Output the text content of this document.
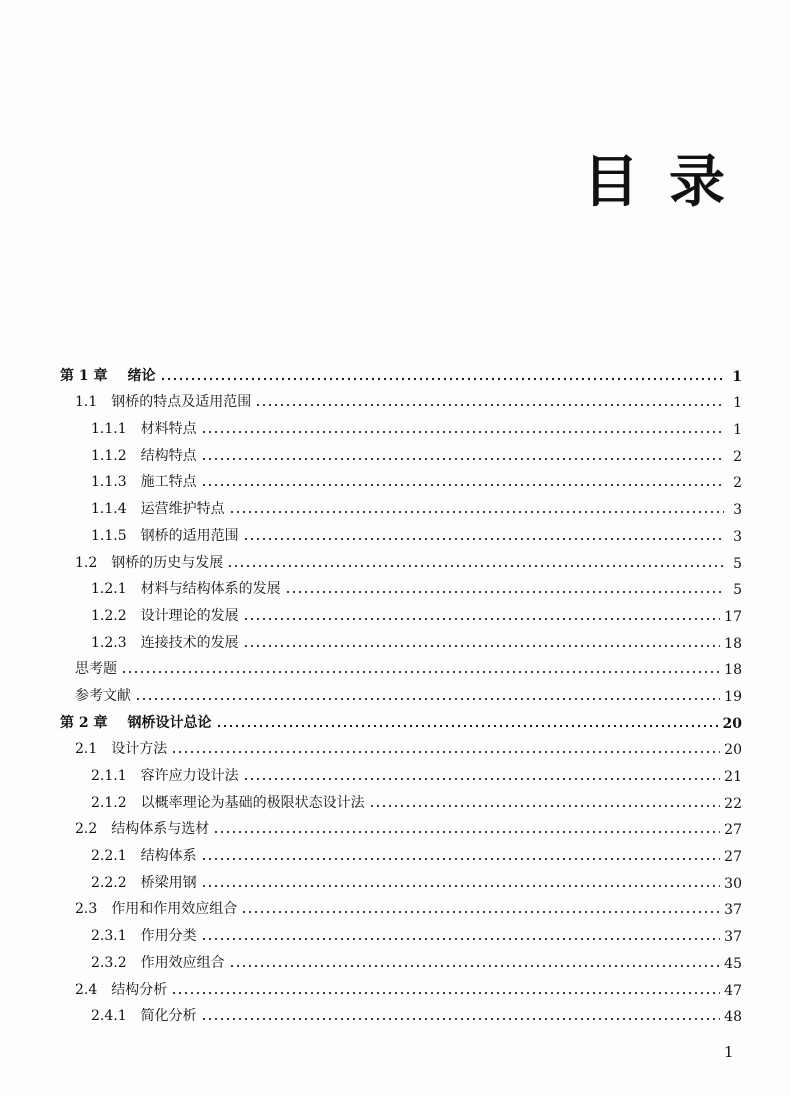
目 录
第 1 章 绪论	1
1.1 钢桥的特点及适用范围	1
1.1.1 材料特点	1
1.1.2 结构特点	2
1.1.3 施工特点	2
1.1.4 运营维护特点	3
1.1.5 钢桥的适用范围	3
1.2 钢桥的历史与发展	5
1.2.1 材料与结构体系的发展	5
1.2.2 设计理论的发展	17
1.2.3 连接技术的发展	18
思考题	18
参考文献	19
第 2 章 钢桥设计总论	20
2.1 设计方法	20
2.1.1 容许应力设计法	21
2.1.2 以概率理论为基础的极限状态设计法	22
2.2 结构体系与选材	27
2.2.1 结构体系	27
2.2.2 桥梁用钢	30
2.3 作用和作用效应组合	37
2.3.1 作用分类	37
2.3.2 作用效应组合	45
2.4 结构分析	47
2.4.1 简化分析	48
1
